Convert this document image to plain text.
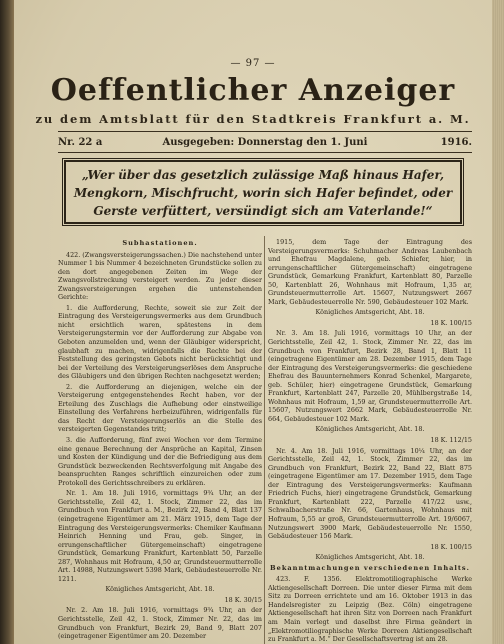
— 97 —
Oeffentlicher Anzeiger
zu dem Amtsblatt für den Stadtkreis Frankfurt a. M.
Nr. 22 a	Ausgegeben: Donnerstag den 1. Juni	1916.
„Wer über das gesetzlich zulässige Maß hinaus Hafer,
Mengkorn, Mischfrucht, worin sich Hafer befindet, oder
Gerste verfüttert, versündigt sich am Vaterlande!“

Subhastationen.

422. (Zwangsversteigerungssachen.) Die nachstehend unter Nummer 1 bis Nummer 4 bezeichneten Grundstücke sollen zu den dort angegebenen Zeiten im Wege der Zwangsvollstreckung versteigert werden. Zu jeder dieser Zwangsversteigerungen ergehen die untenstehenden Gerichte:

1. die Aufforderung, Rechte, soweit sie zur Zeit der Eintragung des Versteigerungsvermerks aus dem Grundbuch nicht ersichtlich waren, spätestens in dem Versteigerungstermin vor der Aufforderung zur Abgabe von Geboten anzumelden und, wenn der Gläubiger widerspricht, glaubhaft zu machen, widrigenfalls die Rechte bei der Feststellung des geringsten Gebots nicht berücksichtigt und bei der Verteilung des Versteigerungserlöses dem Anspruche des Gläubigers und den übrigen Rechten nachgesetzt werden;

2. die Aufforderung an diejenigen, welche ein der Versteigerung entgegenstehendes Recht haben, vor der Erteilung des Zuschlags die Aufhebung oder einstweilige Einstellung des Verfahrens herbeizuführen, widrigenfalls für das Recht der Versteigerungserlös an die Stelle des versteigerten Gegenstandes tritt;

3. die Aufforderung, fünf zwei Wochen vor dem Termine eine genaue Berechnung der Ansprüche an Kapital, Zinsen und Kosten der Kündigung und der die Befriedigung aus dem Grundstück bezweckenden Rechtsverfolgung mit Angabe des beanspruchten Ranges schriftlich einzureichen oder zum Protokoll des Gerichtsschreibers zu erklären.

Nr. 1. Am 18. Juli 1916, vormittags 9¾ Uhr, an der Gerichtsstelle, Zeil 42, 1. Stock, Zimmer 22, das im Grundbuch von Frankfurt a. M., Bezirk 22, Band 4, Blatt 137 (eingetragene Eigentümer am 21. März 1915, dem Tage der Eintragung des Versteigerungsvermerks: Chemiker Kaufmann Heinrich Henning und Frau, geb. Singer, in errungenschaftlicher Gütergemeinschaft) eingetragene Grundstück, Gemarkung Frankfurt, Kartenblatt 50, Parzelle 287, Wohnhaus mit Hofraum, 4,50 ar, Grundsteuermutterrolle Art. 14988, Nutzungswert 5398 Mark, Gebäudesteuerrolle Nr. 1211.

Königliches Amtsgericht, Abt. 18.

18 K. 30/15

Nr. 2. Am 18. Juli 1916, vormittags 9¾ Uhr, an der Gerichtsstelle, Zeil 42, 1. Stock, Zimmer Nr. 22, das im Grundbuch von Frankfurt, Bezirk 29, Band 9, Blatt 207 (eingetragener Eigentümer am 20. Dezember

1915, dem Tage der Eintragung des Versteigerungsvermerks: Schuhmacher Andreas Laubenbach und Ehefrau Magdalene, geb. Schiefer, hier, in errungenschaftlicher Gütergemeinschaft) eingetragene Grundstück, Gemarkung Frankfurt, Kartenblatt 80, Parzelle 50, Kartenblatt 26, Wohnhaus mit Hofraum, 1,35 ar, Grundsteuermutterrolle Art. 15607, Nutzungswert 2667 Mark, Gebäudesteuerrolle Nr. 590, Gebäudesteuer 102 Mark.

Königliches Amtsgericht, Abt. 18.

18 K. 100/15

Nr. 3. Am 18. Juli 1916, vormittags 10 Uhr, an der Gerichtsstelle, Zeil 42, 1. Stock, Zimmer Nr. 22, das im Grundbuch von Frankfurt, Bezirk 28, Band 1, Blatt 11 (eingetragene Eigentümer am 28. Dezember 1915, dem Tage der Eintragung des Versteigerungsvermerks: die geschiedene Ehefrau des Bauunternehmers Konrad Schenkel, Margarete, geb. Schüler, hier) eingetragene Grundstück, Gemarkung Frankfurt, Kartenblatt 247, Parzelle 20, Mühlbergstraße 14, Wohnhaus mit Hofraum, 1,59 ar, Grundsteuermutterrolle Art. 15607, Nutzungswert 2662 Mark, Gebäudesteuerrolle Nr. 664, Gebäudesteuer 102 Mark.

Königliches Amtsgericht, Abt. 18.

18 K. 112/15

Nr. 4. Am 18. Juli 1916, vormittags 10¼ Uhr, an der Gerichtsstelle, Zeil 42, 1. Stock, Zimmer 22, das im Grundbuch von Frankfurt, Bezirk 22, Band 22, Blatt 875 (eingetragene Eigentümer am 17. Dezember 1915, dem Tage der Eintragung des Versteigerungsvermerks: Kaufmann Friedrich Fuchs, hier) eingetragene Grundstück, Gemarkung Frankfurt, Kartenblatt 222, Parzelle 417/22 usw., Schwalbacherstraße Nr. 66, Gartenhaus, Wohnhaus mit Hofraum, 5,55 ar groß, Grundsteuermutterrolle Art. 19/6067, Nutzungswert 3900 Mark, Gebäudesteuerrolle Nr. 1550, Gebäudesteuer 156 Mark.

18 K. 100/15

Königliches Amtsgericht, Abt. 18.

Bekanntmachungen verschiedenen Inhalts.

423. F. 1356. Elektromotiliographische Werke Aktiengesellschaft Dorreen. Die unter dieser Firma mit dem Sitz zu Dorreen errichtete und am 16. Oktober 1913 in das Handelsregister zu Leipzig (Bez. Cöln) eingetragene Aktiengesellschaft hat ihren Sitz von Dorreen nach Frankfurt am Main verlegt und daselbst ihre Firma geändert in „Elektromotiliographische Werke Dorreen Aktiengesellschaft zu Frankfurt a. M.“ Der Gesellschaftsvertrag ist am 28.
